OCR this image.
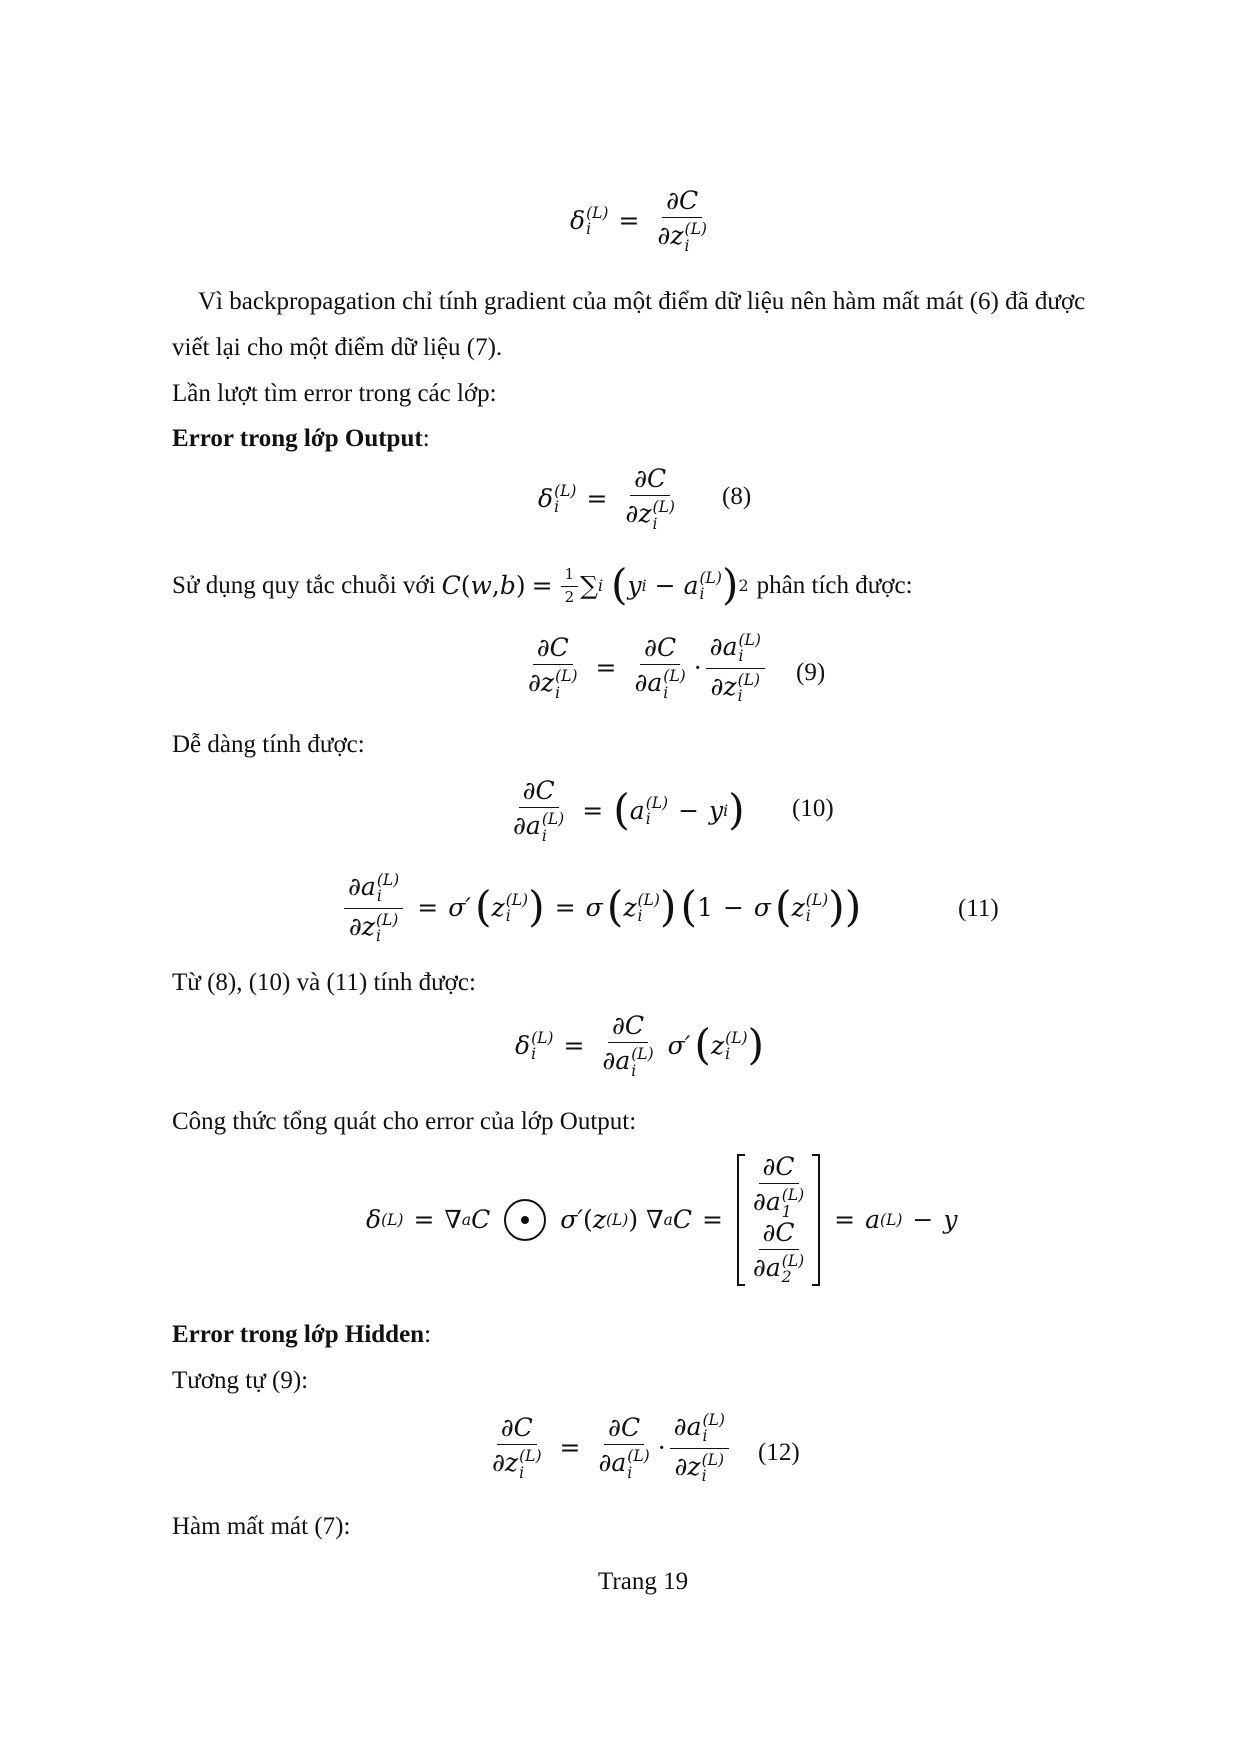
δ (L)
i	= ∂C
∂z (L)
i
Vì backpropagation chỉ tính gradient của một điểm dữ liệu nên hàm mất mát (6) đã được
viết lại cho một điểm dữ liệu (7).
Lần lượt tìm error trong các lớp:
Error trong lớp Output:
δ (L)
i	= ∂C
∂z (L)
i (8)
Sử dụng quy tắc chuỗi với C ( w , b ) = $\frac{1}{2}$ ∑ i ( y i − a (L)
i ) 2 phân tích được:
∂C
∂z (L)
i = ∂C
∂a (L)
i · ∂a (L)
i
∂z (L)
i (9)
Dễ dàng tính được:
∂C
∂a (L)
i = ( a (L)
i	− y i ) (10)
∂a (L)
i
∂z (L)
i = σ′ ( z (L)
i ) = σ ( z (L)
i ) ( 1 − σ ( z (L)
i ) )	(11)
Từ (8), (10) và (11) tính được:
δ (L)
i	= ∂C
∂a (L)
i σ′ ( z (L)
i )
Công thức tổng quát cho error của lớp Output:
δ (L) = ∇ a C	σ′ ( z (L) ) ∇ a C = ∂C
∂a (L)
1
∂C
∂a (L)
2
= a (L) − y
Error trong lớp Hidden:
Tương tự (9):
∂C
∂z (L)
i = ∂C
∂a (L)
i · ∂a (L)
i
∂z (L)
i (12)
Hàm mất mát (7):
Trang 19
